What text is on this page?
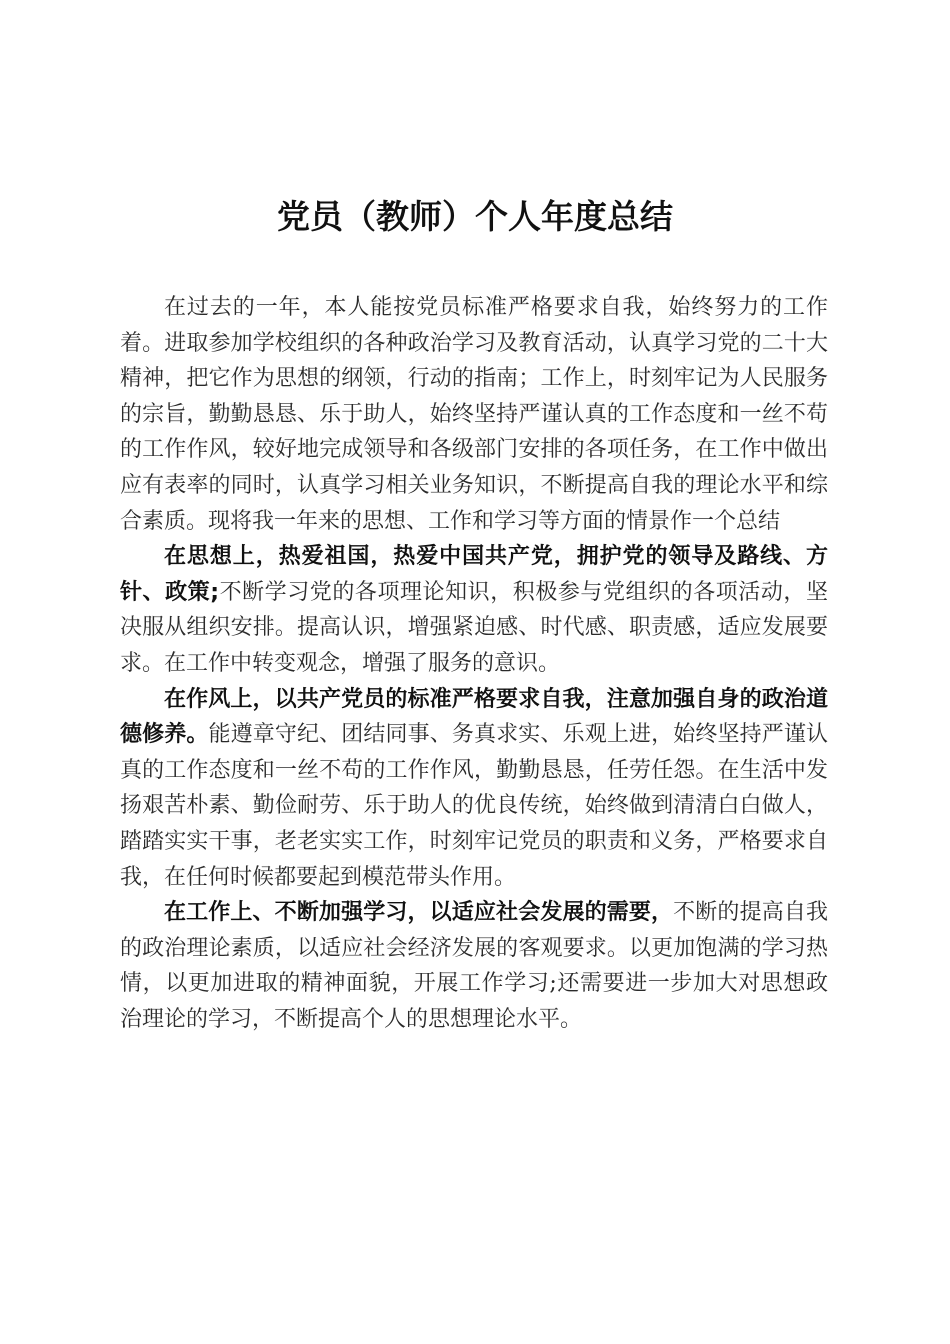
党员（教师）个人年度总结

在过去的一年，本人能按党员标准严格要求自我，始终努力的工作着。进取参加学校组织的各种政治学习及教育活动，认真学习党的二十大精神，把它作为思想的纲领，行动的指南；工作上，时刻牢记为人民服务的宗旨，勤勤恳恳、乐于助人，始终坚持严谨认真的工作态度和一丝不苟的工作作风，较好地完成领导和各级部门安排的各项任务，在工作中做出应有表率的同时，认真学习相关业务知识，不断提高自我的理论水平和综合素质。现将我一年来的思想、工作和学习等方面的情景作一个总结

在思想上，热爱祖国，热爱中国共产党，拥护党的领导及路线、方针、政策;不断学习党的各项理论知识，积极参与党组织的各项活动，坚决服从组织安排。提高认识，增强紧迫感、时代感、职责感，适应发展要求。在工作中转变观念，增强了服务的意识。

在作风上，以共产党员的标准严格要求自我，注意加强自身的政治道德修养。能遵章守纪、团结同事、务真求实、乐观上进，始终坚持严谨认真的工作态度和一丝不苟的工作作风，勤勤恳恳，任劳任怨。在生活中发扬艰苦朴素、勤俭耐劳、乐于助人的优良传统，始终做到清清白白做人，踏踏实实干事，老老实实工作，时刻牢记党员的职责和义务，严格要求自我，在任何时候都要起到模范带头作用。

在工作上、不断加强学习，以适应社会发展的需要，不断的提高自我的政治理论素质，以适应社会经济发展的客观要求。以更加饱满的学习热情，以更加进取的精神面貌，开展工作学习;还需要进一步加大对思想政治理论的学习，不断提高个人的思想理论水平。
